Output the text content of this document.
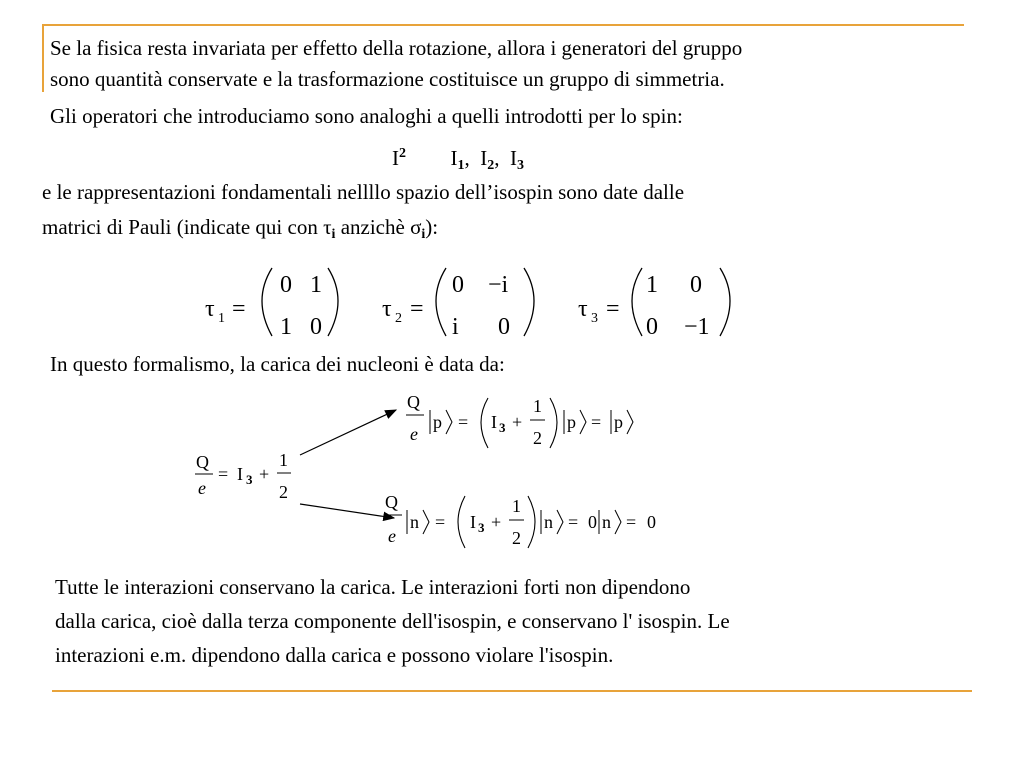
Se la fisica resta invariata per effetto della rotazione, allora i generatori del gruppo
sono quantità conservate e la trasformazione costituisce un gruppo di simmetria.
Gli operatori che introduciamo sono analoghi a quelli introdotti per lo spin:
$I^2$ $I_1$, $I_2$, $I_3$
e le rappresentazioni fondamentali nellllo spazio dell’isospin sono date dalle
matrici di Pauli (indicate qui con $\tau_i$ anzichè $\sigma_i$):
τ 1 =
0 1
1 0
τ 2 =
0 −i
i 0
τ 3 =
1 0
0 −1
In questo formalismo, la carica dei nucleoni è data da:
Q
e
= I 3 +
1
2
Q
e
p = I 3 +
1
2
p = p
Q
e
n = I 3 +
1
2
n = 0 n = 0
Tutte le interazioni conservano la carica. Le interazioni forti non dipendono
dalla carica, cioè dalla terza componente dell'isospin, e conservano l' isospin. Le
interazioni e.m. dipendono dalla carica e possono violare l'isospin.
